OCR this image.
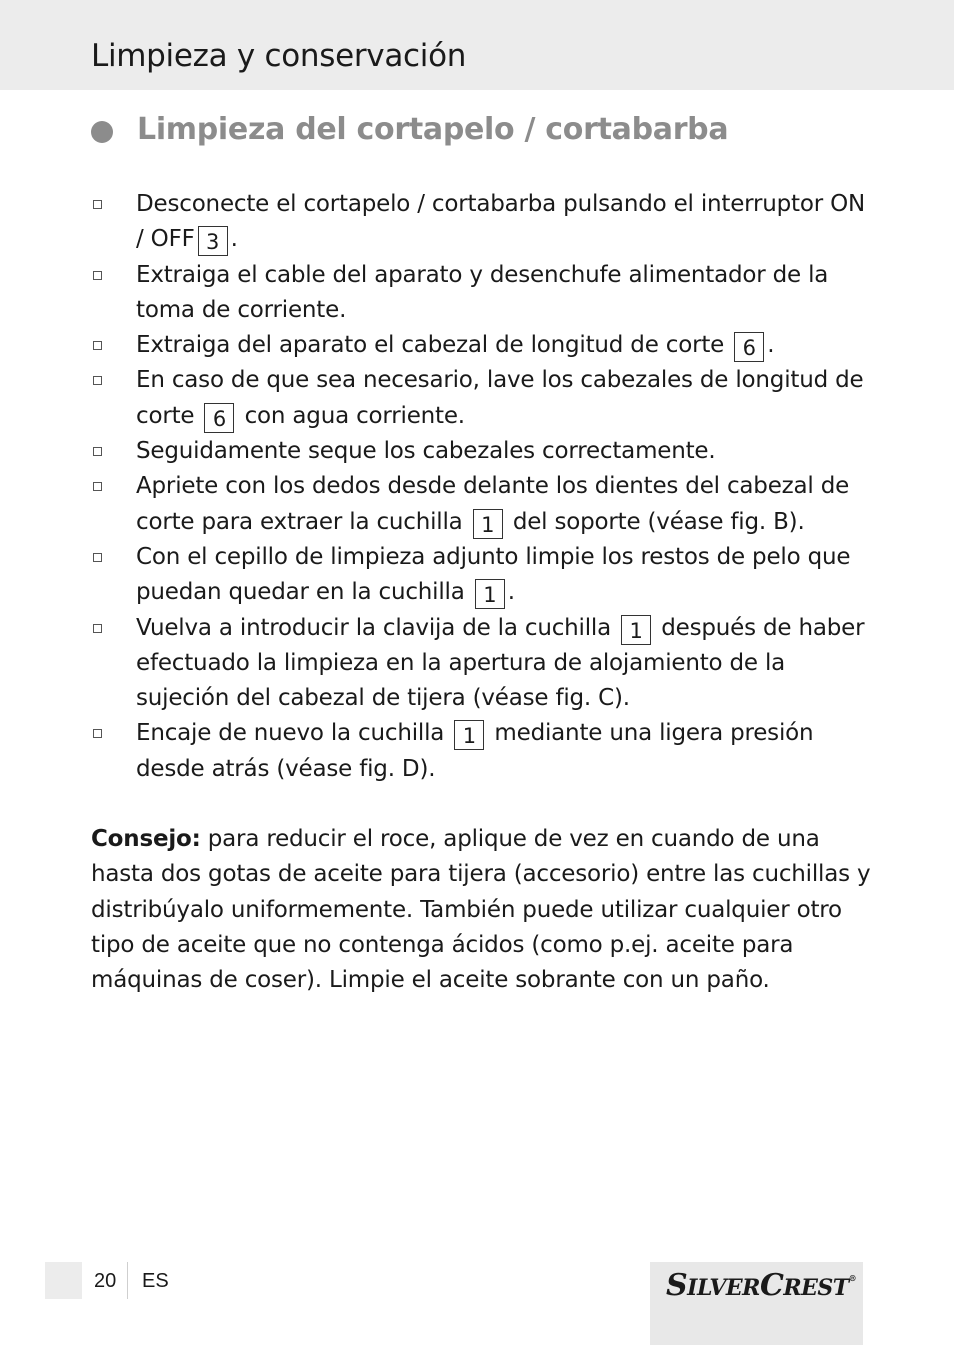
Limpieza y conservación
Limpieza del cortapelo / cortabarba
Desconecte el cortapelo / cortabarba pulsando el interruptor ON / OFF 3 .
Extraiga el cable del aparato y desenchufe alimentador de la toma de corriente.
Extraiga del aparato el cabezal de longitud de corte 6 .
En caso de que sea necesario, lave los cabezales de longitud de corte 6 con agua corriente.
Seguidamente seque los cabezales correctamente.
Apriete con los dedos desde delante los dientes del cabezal de corte para extraer la cuchilla 1 del soporte (véase fig. B).
Con el cepillo de limpieza adjunto limpie los restos de pelo que puedan quedar en la cuchilla 1 .
Vuelva a introducir la clavija de la cuchilla 1 después de haber efectuado la limpieza en la apertura de alojamiento de la sujeción del cabezal de tijera (véase fig. C).
Encaje de nuevo la cuchilla 1 mediante una ligera presión desde atrás (véase fig. D).

Consejo: para reducir el roce, aplique de vez en cuando de una hasta dos gotas de aceite para tijera (accesorio) entre las cuchillas y distribúyalo uniformemente. También puede utilizar cualquier otro tipo de aceite que no contenga ácidos (como p.ej. aceite para máquinas de coser). Limpie el aceite sobrante con un paño.

20 ES	SILVERCREST®
